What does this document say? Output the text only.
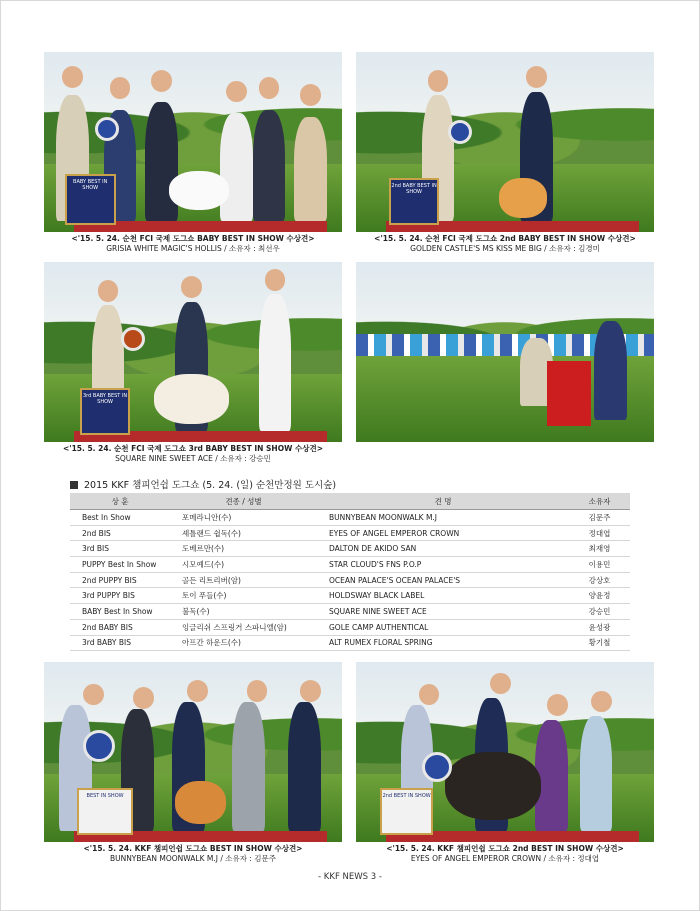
BABY BEST IN SHOW
<'15. 5. 24. 순천 FCI 국제 도그쇼 BABY BEST IN SHOW 수상견>
GRISIA WHITE MAGIC'S HOLLIS / 소유자 : 최선우
2nd BABY BEST IN SHOW
<'15. 5. 24. 순천 FCI 국제 도그쇼 2nd BABY BEST IN SHOW 수상견>
GOLDEN CASTLE'S MS KISS ME BIG / 소유자 : 김경미
3rd BABY BEST IN SHOW
<'15. 5. 24. 순천 FCI 국제 도그쇼 3rd BABY BEST IN SHOW 수상견>
SQUARE NINE SWEET ACE / 소유자 : 강승민
2015 KKF 챔피언쉽 도그쇼 (5. 24. (일) 순천만정원 도시숲)
상 훈	견종 / 성별	견 명	소유자
Best In Show	포메라니안(수)	BUNNYBEAN MOONWALK M.J	김문주
2nd BIS	셰틀랜드 쉽독(수)	EYES OF ANGEL EMPEROR CROWN	정대엽
3rd BIS	도베르만(수)	DALTON DE AKIDO SAN	최재영
PUPPY Best In Show	시모예드(수)	STAR CLOUD'S FNS P.O.P	이용민
2nd PUPPY BIS	골든 리트리버(암)	OCEAN PALACE'S OCEAN PALACE'S	강상호
3rd PUPPY BIS	토이 푸들(수)	HOLDSWAY BLACK LABEL	양윤정
BABY Best In Show	불독(수)	SQUARE NINE SWEET ACE	강승민
2nd BABY BIS	잉글리쉬 스프링거 스파니엘(암)	GOLE CAMP AUTHENTICAL	윤성광
3rd BABY BIS	아프간 하운드(수)	ALT RUMEX FLORAL SPRING	황기철
BEST IN SHOW
<'15. 5. 24. KKF 챔피언쉽 도그쇼 BEST IN SHOW 수상견>
BUNNYBEAN MOONWALK M.J / 소유자 : 김문주
2nd BEST IN SHOW
<'15. 5. 24. KKF 챔피언쉽 도그쇼 2nd BEST IN SHOW 수상견>
EYES OF ANGEL EMPEROR CROWN / 소유자 : 정대엽
- KKF NEWS 3 -
